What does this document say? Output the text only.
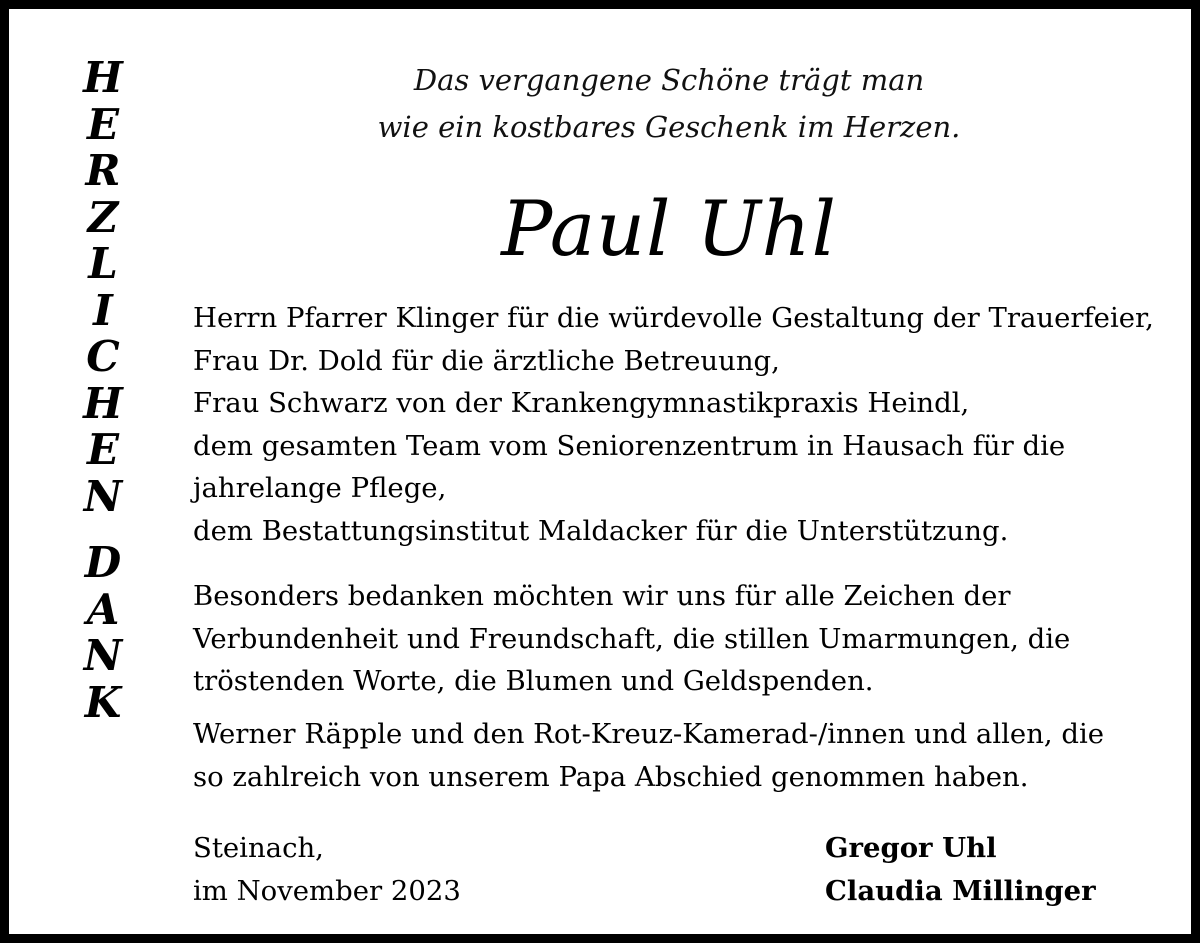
H
E
R
Z
L
I
C
H
E
N
D
A
N
K
Das vergangene Schöne trägt man
wie ein kostbares Geschenk im Herzen.
Paul Uhl
Herrn Pfarrer Klinger für die würdevolle Gestaltung der Trauerfeier,
Frau Dr. Dold für die ärztliche Betreuung,
Frau Schwarz von der Krankengymnastikpraxis Heindl,
dem gesamten Team vom Seniorenzentrum in Hausach für die
jahrelange Pflege,
dem Bestattungsinstitut Maldacker für die Unterstützung.
Besonders bedanken möchten wir uns für alle Zeichen der
Verbundenheit und Freundschaft, die stillen Umarmungen, die
tröstenden Worte, die Blumen und Geldspenden.
Werner Räpple und den Rot-Kreuz-Kamerad-/innen und allen, die
so zahlreich von unserem Papa Abschied genommen haben.
Steinach,
im November 2023
Gregor Uhl
Claudia Millinger
